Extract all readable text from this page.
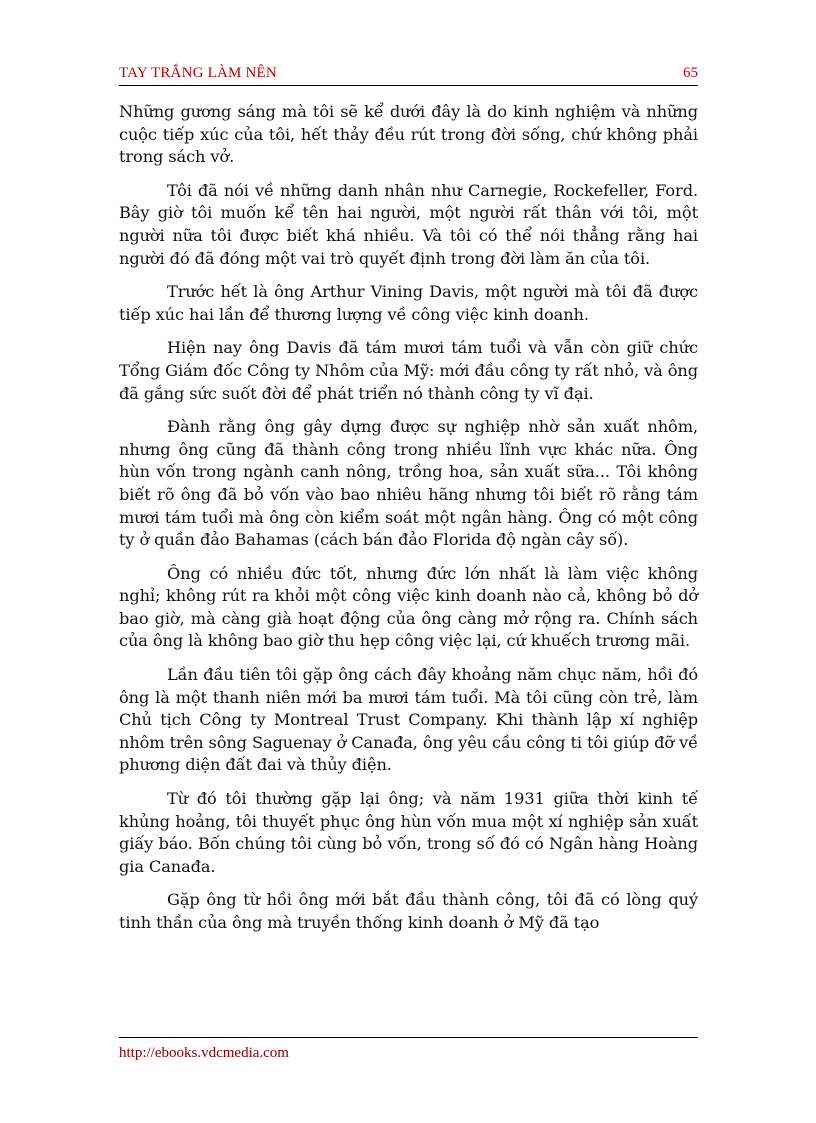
TAY TRẮNG LÀM NÊN	65

Những gương sáng mà tôi sẽ kể dưới đây là do kinh nghiệm và những cuộc tiếp xúc của tôi, hết thảy đều rút trong đời sống, chứ không phải trong sách vở.

Tôi đã nói về những danh nhân như Carnegie, Rockefeller, Ford. Bây giờ tôi muốn kể tên hai người, một người rất thân với tôi, một người nữa tôi được biết khá nhiều. Và tôi có thể nói thẳng rằng hai người đó đã đóng một vai trò quyết định trong đời làm ăn của tôi.

Trước hết là ông Arthur Vining Davis, một người mà tôi đã được tiếp xúc hai lần để thương lượng về công việc kinh doanh.

Hiện nay ông Davis đã tám mươi tám tuổi và vẫn còn giữ chức Tổng Giám đốc Công ty Nhôm của Mỹ: mới đầu công ty rất nhỏ, và ông đã gắng sức suốt đời để phát triển nó thành công ty vĩ đại.

Đành rằng ông gây dựng được sự nghiệp nhờ sản xuất nhôm, nhưng ông cũng đã thành công trong nhiều lĩnh vực khác nữa. Ông hùn vốn trong ngành canh nông, trồng hoa, sản xuất sữa... Tôi không biết rõ ông đã bỏ vốn vào bao nhiêu hãng nhưng tôi biết rõ rằng tám mươi tám tuổi mà ông còn kiểm soát một ngân hàng. Ông có một công ty ở quần đảo Bahamas (cách bán đảo Florida độ ngàn cây số).

Ông có nhiều đức tốt, nhưng đức lớn nhất là làm việc không nghỉ; không rút ra khỏi một công việc kinh doanh nào cả, không bỏ dở bao giờ, mà càng già hoạt động của ông càng mở rộng ra. Chính sách của ông là không bao giờ thu hẹp công việc lại, cứ khuếch trương mãi.

Lần đầu tiên tôi gặp ông cách đây khoảng năm chục năm, hồi đó ông là một thanh niên mới ba mươi tám tuổi. Mà tôi cũng còn trẻ, làm Chủ tịch Công ty Montreal Trust Company. Khi thành lập xí nghiệp nhôm trên sông Saguenay ở Canađa, ông yêu cầu công ti tôi giúp đỡ về phương diện đất đai và thủy điện.

Từ đó tôi thường gặp lại ông; và năm 1931 giữa thời kinh tế khủng hoảng, tôi thuyết phục ông hùn vốn mua một xí nghiệp sản xuất giấy báo. Bốn chúng tôi cùng bỏ vốn, trong số đó có Ngân hàng Hoàng gia Canađa.

Gặp ông từ hồi ông mới bắt đầu thành công, tôi đã có lòng quý tinh thần của ông mà truyền thống kinh doanh ở Mỹ đã tạo

http://ebooks.vdcmedia.com
